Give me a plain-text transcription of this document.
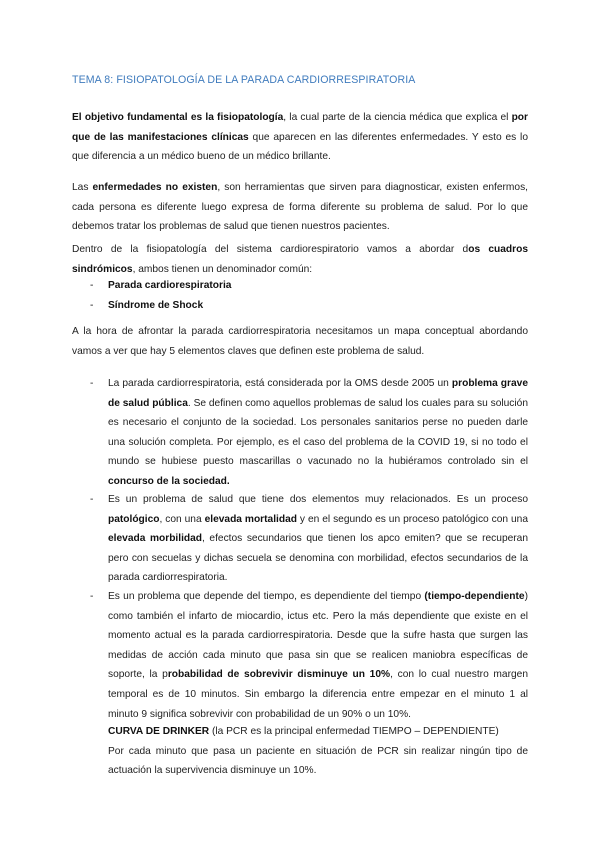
TEMA 8: FISIOPATOLOGÍA DE LA PARADA CARDIORRESPIRATORIA
El objetivo fundamental es la fisiopatología, la cual parte de la ciencia médica que explica el por que de las manifestaciones clínicas que aparecen en las diferentes enfermedades. Y esto es lo que diferencia a un médico bueno de un médico brillante.
Las enfermedades no existen, son herramientas que sirven para diagnosticar, existen enfermos, cada persona es diferente luego expresa de forma diferente su problema de salud. Por lo que debemos tratar los problemas de salud que tienen nuestros pacientes.
Dentro de la fisiopatología del sistema cardiorespiratorio vamos a abordar dos cuadros sindrómicos, ambos tienen un denominador común:
- Parada cardiorespiratoria
- Síndrome de Shock
A la hora de afrontar la parada cardiorrespiratoria necesitamos un mapa conceptual abordando vamos a ver que hay 5 elementos claves que definen este problema de salud.
- La parada cardiorrespiratoria, está considerada por la OMS desde 2005 un problema grave de salud pública. Se definen como aquellos problemas de salud los cuales para su solución es necesario el conjunto de la sociedad. Los personales sanitarios perse no pueden darle una solución completa. Por ejemplo, es el caso del problema de la COVID 19, si no todo el mundo se hubiese puesto mascarillas o vacunado no la hubiéramos controlado sin el concurso de la sociedad.
- Es un problema de salud que tiene dos elementos muy relacionados. Es un proceso patológico, con una elevada mortalidad y en el segundo es un proceso patológico con una elevada morbilidad, efectos secundarios que tienen los apco emiten? que se recuperan pero con secuelas y dichas secuela se denomina con morbilidad, efectos secundarios de la parada cardiorrespiratoria.
- Es un problema que depende del tiempo, es dependiente del tiempo (tiempo-dependiente) como también el infarto de miocardio, ictus etc. Pero la más dependiente que existe en el momento actual es la parada cardiorrespiratoria. Desde que la sufre hasta que surgen las medidas de acción cada minuto que pasa sin que se realicen maniobra específicas de soporte, la probabilidad de sobrevivir disminuye un 10%, con lo cual nuestro margen temporal es de 10 minutos. Sin embargo la diferencia entre empezar en el minuto 1 al minuto 9 significa sobrevivir con probabilidad de un 90% o un 10%.
CURVA DE DRINKER (la PCR es la principal enfermedad TIEMPO – DEPENDIENTE)
Por cada minuto que pasa un paciente en situación de PCR sin realizar ningún tipo de actuación la supervivencia disminuye un 10%.
